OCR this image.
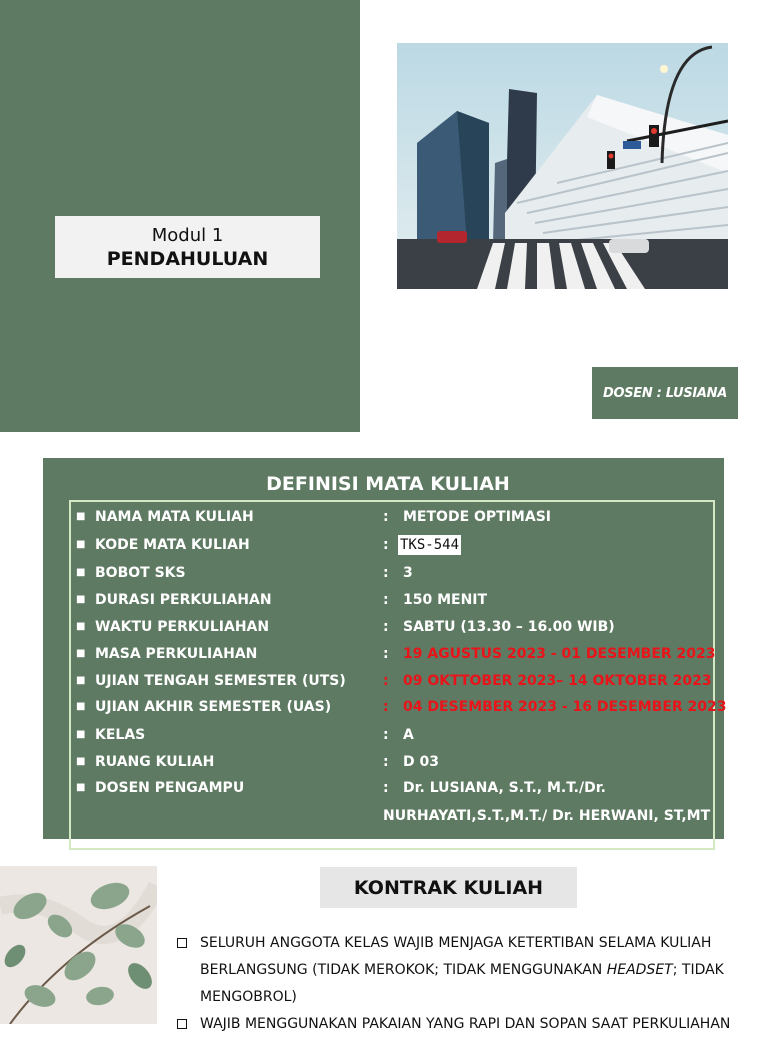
Modul 1
PENDAHULUAN
DOSEN : LUSIANA
DEFINISI MATA KULIAH
■ NAMA MATA KULIAH	: METODE OPTIMASI
■ KODE MATA KULIAH	: TKS-544
■ BOBOT SKS	: 3
■ DURASI PERKULIAHAN	: 150 MENIT
■ WAKTU PERKULIAHAN	: SABTU (13.30 – 16.00 WIB)
■ MASA PERKULIAHAN	: 19 AGUSTUS 2023 - 01 DESEMBER 2023
■ UJIAN TENGAH SEMESTER (UTS)	: 09 OKTTOBER 2023– 14 OKTOBER 2023
■ UJIAN AKHIR SEMESTER (UAS)	: 04 DESEMBER 2023 - 16 DESEMBER 2023
■ KELAS	: A
■ RUANG KULIAH	: D 03
■ DOSEN PENGAMPU	: Dr. LUSIANA, S.T., M.T./Dr.
NURHAYATI,S.T.,M.T./ Dr. HERWANI, ST,MT
KONTRAK KULIAH
SELURUH ANGGOTA KELAS WAJIB MENJAGA KETERTIBAN SELAMA KULIAH
BERLANGSUNG (TIDAK MEROKOK; TIDAK MENGGUNAKAN HEADSET; TIDAK
MENGOBROL)
WAJIB MENGGUNAKAN PAKAIAN YANG RAPI DAN SOPAN SAAT PERKULIAHAN
